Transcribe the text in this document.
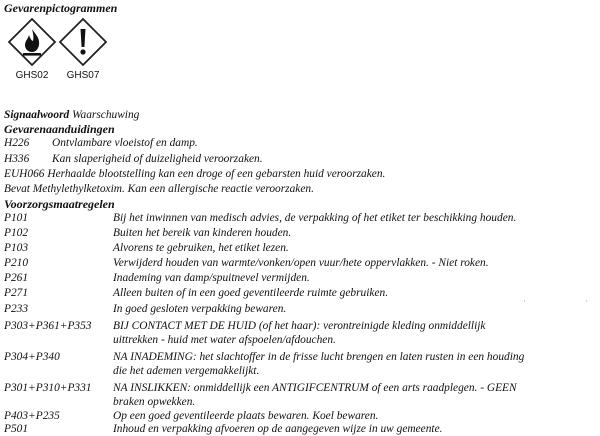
Gevarenpictogrammen
GHS02	GHS07
Signaalwoord Waarschuwing
Gevarenaanduidingen
H226 Ontvlambare vloeistof en damp.
H336 Kan slaperigheid of duizeligheid veroorzaken.
EUH066 Herhaalde blootstelling kan een droge of een gebarsten huid veroorzaken.
Bevat Methylethylketoxim. Kan een allergische reactie veroorzaken.
Voorzorgsmaatregelen
P101	Bij het inwinnen van medisch advies, de verpakking of het etiket ter beschikking houden.
P102	Buiten het bereik van kinderen houden.
P103	Alvorens te gebruiken, het etiket lezen.
P210	Verwijderd houden van warmte/vonken/open vuur/hete oppervlakken. - Niet roken.
P261	Inademing van damp/spuitnevel vermijden.
P271	Alleen buiten of in een goed geventileerde ruimte gebruiken.
·	·
P233	In goed gesloten verpakking bewaren.
P303+P361+P353 BIJ CONTACT MET DE HUID (of het haar): verontreinigde kleding onmiddellijk
uittrekken - huid met water afspoelen/afdouchen.
P304+P340	NA INADEMING: het slachtoffer in de frisse lucht brengen en laten rusten in een houding
die het ademen vergemakkelijkt.
P301+P310+P331 NA INSLIKKEN: onmiddellijk een ANTIGIFCENTRUM of een arts raadplegen. - GEEN
braken opwekken.
P403+P235	Op een goed geventileerde plaats bewaren. Koel bewaren.
P501	Inhoud en verpakking afvoeren op de aangegeven wijze in uw gemeente.
